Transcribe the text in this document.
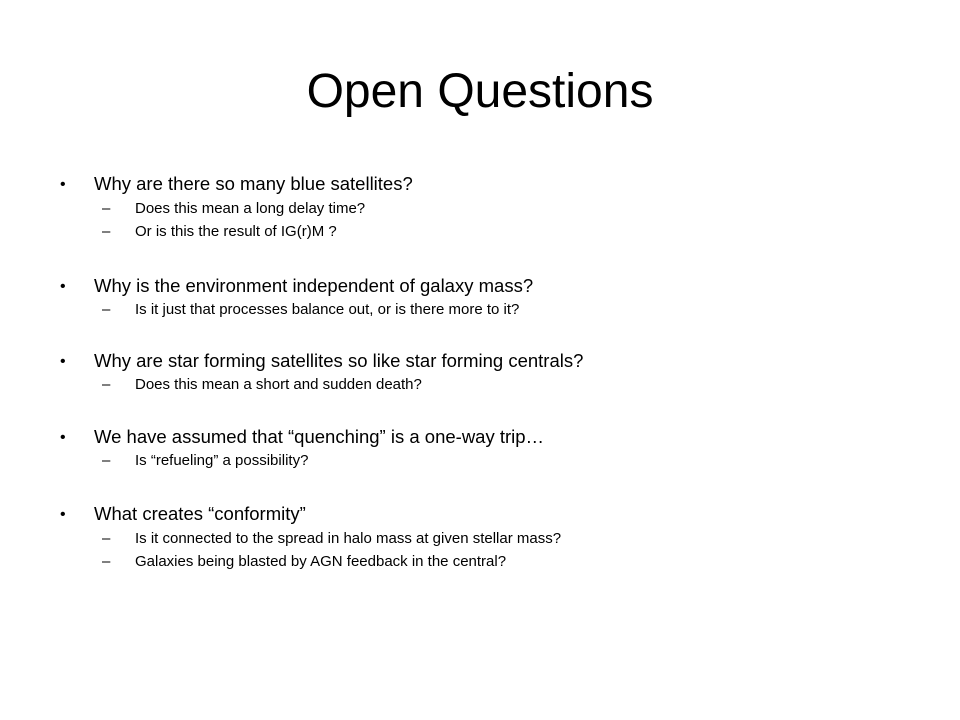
Open Questions
• Why are there so many blue satellites?
– Does this mean a long delay time?
– Or is this the result of IG(r)M ?
• Why is the environment independent of galaxy mass?
– Is it just that processes balance out, or is there more to it?
• Why are star forming satellites so like star forming centrals?
– Does this mean a short and sudden death?
• We have assumed that “quenching” is a one-way trip…
– Is “refueling” a possibility?
• What creates “conformity”
– Is it connected to the spread in halo mass at given stellar mass?
– Galaxies being blasted by AGN feedback in the central?
